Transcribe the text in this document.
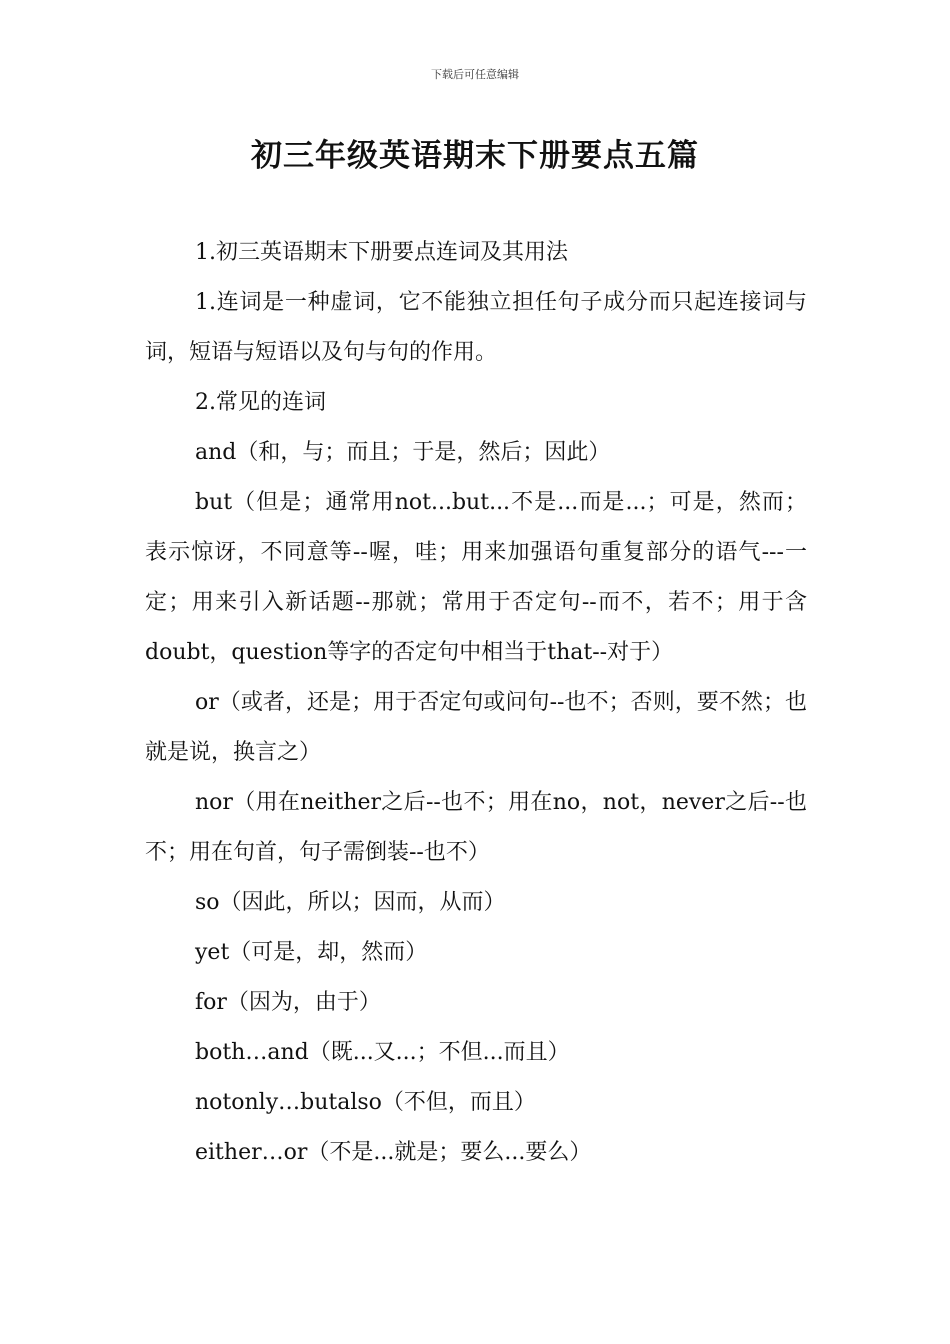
下载后可任意编辑
初三年级英语期末下册要点五篇

1.初三英语期末下册要点连词及其用法

1.连词是一种虚词，它不能独立担任句子成分而只起连接词与词，短语与短语以及句与句的作用。

2.常见的连词

and（和，与；而且；于是，然后；因此）

but（但是；通常用not...but...不是...而是...；可是，然而；表示惊讶，不同意等--喔，哇；用来加强语句重复部分的语气---一定；用来引入新话题--那就；常用于否定句--而不，若不；用于含doubt，question等字的否定句中相当于that--对于）

or（或者，还是；用于否定句或问句--也不；否则，要不然；也就是说，换言之）

nor（用在neither之后--也不；用在no，not，never之后--也不；用在句首，句子需倒装--也不）

so（因此，所以；因而，从而）

yet（可是，却，然而）

for（因为，由于）

both…and（既...又...；不但...而且）

notonly…butalso（不但，而且）

either…or（不是...就是；要么...要么）
